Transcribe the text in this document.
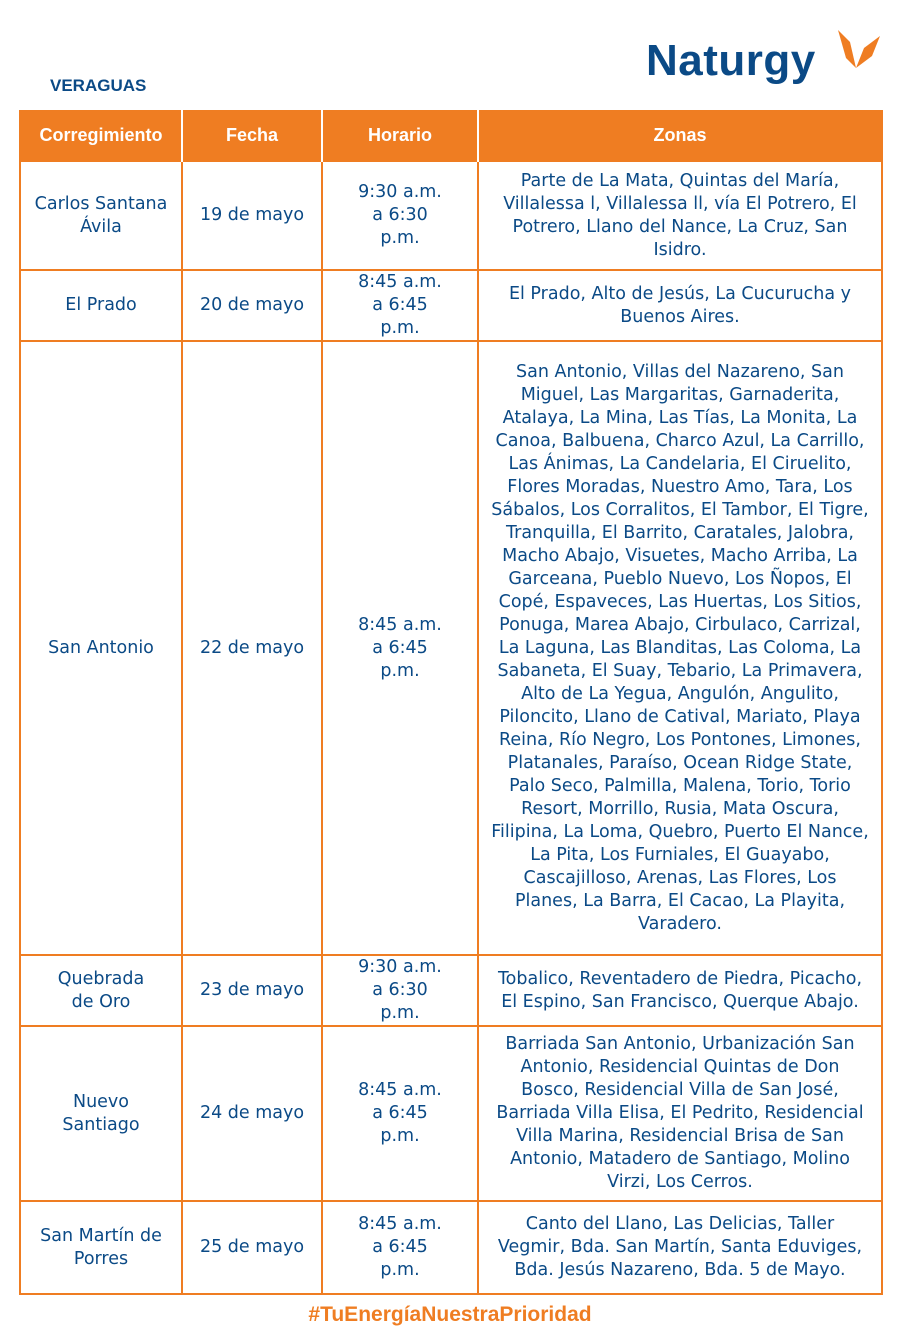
Naturgy
VERAGUAS
Corregimiento	Fecha	Horario	Zonas
Carlos Santana Ávila	19 de mayo	9:30 a.m. a 6:30 p.m.	Parte de La Mata, Quintas del María, Villalessa l, Villalessa ll, vía El Potrero, El Potrero, Llano del Nance, La Cruz, San Isidro.
El Prado	20 de mayo	8:45 a.m. a 6:45 p.m.	El Prado, Alto de Jesús, La Cucurucha y Buenos Aires.
San Antonio	22 de mayo	8:45 a.m. a 6:45 p.m.	San Antonio, Villas del Nazareno, San Miguel, Las Margaritas, Garnaderita, Atalaya, La Mina, Las Tías, La Monita, La Canoa, Balbuena, Charco Azul, La Carrillo, Las Ánimas, La Candelaria, El Ciruelito, Flores Moradas, Nuestro Amo, Tara, Los Sábalos, Los Corralitos, El Tambor, El Tigre, Tranquilla, El Barrito, Caratales, Jalobra, Macho Abajo, Visuetes, Macho Arriba, La Garceana, Pueblo Nuevo, Los Ñopos, El Copé, Espaveces, Las Huertas, Los Sitios, Ponuga, Marea Abajo, Cirbulaco, Carrizal, La Laguna, Las Blanditas, Las Coloma, La Sabaneta, El Suay, Tebario, La Primavera, Alto de La Yegua, Angulón, Angulito, Piloncito, Llano de Catival, Mariato, Playa Reina, Río Negro, Los Pontones, Limones, Platanales, Paraíso, Ocean Ridge State, Palo Seco, Palmilla, Malena, Torio, Torio Resort, Morrillo, Rusia, Mata Oscura, Filipina, La Loma, Quebro, Puerto El Nance, La Pita, Los Furniales, El Guayabo, Cascajilloso, Arenas, Las Flores, Los Planes, La Barra, El Cacao, La Playita, Varadero.
Quebrada de Oro	23 de mayo	9:30 a.m. a 6:30 p.m.	Tobalico, Reventadero de Piedra, Picacho, El Espino, San Francisco, Querque Abajo.
Nuevo Santiago	24 de mayo	8:45 a.m. a 6:45 p.m.	Barriada San Antonio, Urbanización San Antonio, Residencial Quintas de Don Bosco, Residencial Villa de San José, Barriada Villa Elisa, El Pedrito, Residencial Villa Marina, Residencial Brisa de San Antonio, Matadero de Santiago, Molino Virzi, Los Cerros.
San Martín de Porres	25 de mayo	8:45 a.m. a 6:45 p.m.	Canto del Llano, Las Delicias, Taller Vegmir, Bda. San Martín, Santa Eduviges, Bda. Jesús Nazareno, Bda. 5 de Mayo.
#TuEnergíaNuestraPrioridad
